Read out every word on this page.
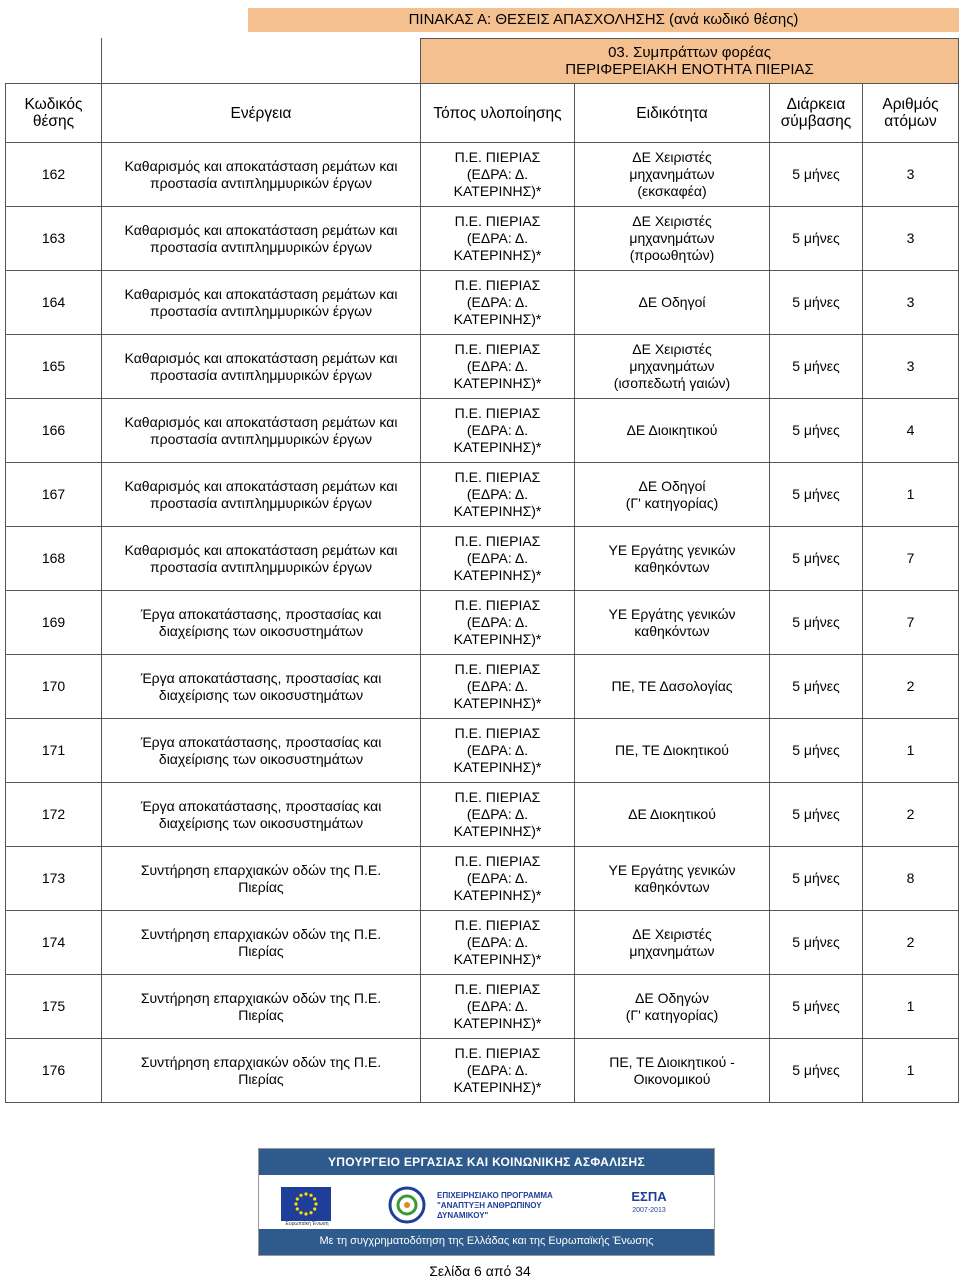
ΠΙΝΑΚΑΣ Α: ΘΕΣΕΙΣ ΑΠΑΣΧΟΛΗΣΗΣ (ανά κωδικό θέσης)

		03. Συμπράττων φορέας
ΠΕΡΙΦΕΡΕΙΑΚΗ ΕΝΟΤΗΤΑ ΠΙΕΡΙΑΣ			

Κωδικός θέσης	Ενέργεια	Τόπος υλοποίησης	Ειδικότητα	Διάρκεια σύμβασης	Αριθμός ατόμων
162	Καθαρισμός και αποκατάσταση ρεμάτων και
προστασία αντιπλημμυρικών έργων	Π.Ε. ΠΙΕΡΙΑΣ
(ΕΔΡΑ: Δ.
ΚΑΤΕΡΙΝΗΣ)*	ΔΕ Χειριστές
μηχανημάτων
(εκσκαφέα)	5 μήνες	3
163	Καθαρισμός και αποκατάσταση ρεμάτων και
προστασία αντιπλημμυρικών έργων	Π.Ε. ΠΙΕΡΙΑΣ
(ΕΔΡΑ: Δ.
ΚΑΤΕΡΙΝΗΣ)*	ΔΕ Χειριστές
μηχανημάτων
(προωθητών)	5 μήνες	3
164	Καθαρισμός και αποκατάσταση ρεμάτων και
προστασία αντιπλημμυρικών έργων	Π.Ε. ΠΙΕΡΙΑΣ
(ΕΔΡΑ: Δ.
ΚΑΤΕΡΙΝΗΣ)*	ΔΕ Οδηγοί	5 μήνες	3
165	Καθαρισμός και αποκατάσταση ρεμάτων και
προστασία αντιπλημμυρικών έργων	Π.Ε. ΠΙΕΡΙΑΣ
(ΕΔΡΑ: Δ.
ΚΑΤΕΡΙΝΗΣ)*	ΔΕ Χειριστές
μηχανημάτων
(ισοπεδωτή γαιών)	5 μήνες	3
166	Καθαρισμός και αποκατάσταση ρεμάτων και
προστασία αντιπλημμυρικών έργων	Π.Ε. ΠΙΕΡΙΑΣ
(ΕΔΡΑ: Δ.
ΚΑΤΕΡΙΝΗΣ)*	ΔΕ Διοικητικού	5 μήνες	4
167	Καθαρισμός και αποκατάσταση ρεμάτων και
προστασία αντιπλημμυρικών έργων	Π.Ε. ΠΙΕΡΙΑΣ
(ΕΔΡΑ: Δ.
ΚΑΤΕΡΙΝΗΣ)*	ΔΕ Οδηγοί
(Γ' κατηγορίας)	5 μήνες	1
168	Καθαρισμός και αποκατάσταση ρεμάτων και
προστασία αντιπλημμυρικών έργων	Π.Ε. ΠΙΕΡΙΑΣ
(ΕΔΡΑ: Δ.
ΚΑΤΕΡΙΝΗΣ)*	ΥΕ Εργάτης γενικών
καθηκόντων	5 μήνες	7
169	Έργα αποκατάστασης, προστασίας και
διαχείρισης των οικοσυστημάτων	Π.Ε. ΠΙΕΡΙΑΣ
(ΕΔΡΑ: Δ.
ΚΑΤΕΡΙΝΗΣ)*	ΥΕ Εργάτης γενικών
καθηκόντων	5 μήνες	7
170	Έργα αποκατάστασης, προστασίας και
διαχείρισης των οικοσυστημάτων	Π.Ε. ΠΙΕΡΙΑΣ
(ΕΔΡΑ: Δ.
ΚΑΤΕΡΙΝΗΣ)*	ΠΕ, ΤΕ Δασολογίας	5 μήνες	2
171	Έργα αποκατάστασης, προστασίας και
διαχείρισης των οικοσυστημάτων	Π.Ε. ΠΙΕΡΙΑΣ
(ΕΔΡΑ: Δ.
ΚΑΤΕΡΙΝΗΣ)*	ΠΕ, ΤΕ Διοκητικού	5 μήνες	1
172	Έργα αποκατάστασης, προστασίας και
διαχείρισης των οικοσυστημάτων	Π.Ε. ΠΙΕΡΙΑΣ
(ΕΔΡΑ: Δ.
ΚΑΤΕΡΙΝΗΣ)*	ΔΕ Διοκητικού	5 μήνες	2
173	Συντήρηση επαρχιακών οδών της Π.Ε.
Πιερίας	Π.Ε. ΠΙΕΡΙΑΣ
(ΕΔΡΑ: Δ.
ΚΑΤΕΡΙΝΗΣ)*	ΥΕ Εργάτης γενικών
καθηκόντων	5 μήνες	8
174	Συντήρηση επαρχιακών οδών της Π.Ε.
Πιερίας	Π.Ε. ΠΙΕΡΙΑΣ
(ΕΔΡΑ: Δ.
ΚΑΤΕΡΙΝΗΣ)*	ΔΕ Χειριστές
μηχανημάτων	5 μήνες	2
175	Συντήρηση επαρχιακών οδών της Π.Ε.
Πιερίας	Π.Ε. ΠΙΕΡΙΑΣ
(ΕΔΡΑ: Δ.
ΚΑΤΕΡΙΝΗΣ)*	ΔΕ Οδηγών
(Γ' κατηγορίας)	5 μήνες	1
176	Συντήρηση επαρχιακών οδών της Π.Ε.
Πιερίας	Π.Ε. ΠΙΕΡΙΑΣ
(ΕΔΡΑ: Δ.
ΚΑΤΕΡΙΝΗΣ)*	ΠΕ, ΤΕ Διοικητικού -
Οικονομικού	5 μήνες	1
ΥΠΟΥΡΓΕΙΟ ΕΡΓΑΣΙΑΣ ΚΑΙ ΚΟΙΝΩΝΙΚΗΣ ΑΣΦΑΛΙΣΗΣ
Ευρωπαϊκή Ένωση
ΕΠΙΧΕΙΡΗΣΙΑΚΟ ΠΡΟΓΡΑΜΜΑ "ΑΝΑΠΤΥΞΗ ΑΝΘΡΩΠΙΝΟΥ ΔΥΝΑΜΙΚΟΥ"
ΕΣΠΑ
2007-2013
Με τη συγχρηματοδότηση της Ελλάδας και της Ευρωπαϊκής Ένωσης
Σελίδα 6 από 34
